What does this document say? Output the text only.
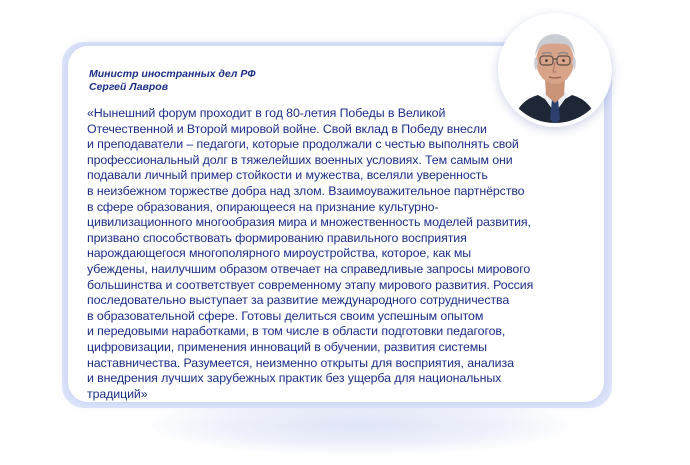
Министр иностранных дел РФ
Сергей Лавров

«Нынешний форум проходит в год 80-летия Победы в Великой
Отечественной и Второй мировой войне. Свой вклад в Победу внесли
и преподаватели – педагоги, которые продолжали с честью выполнять свой
профессиональный долг в тяжелейших военных условиях. Тем самым они
подавали личный пример стойкости и мужества, вселяли уверенность
в неизбежном торжестве добра над злом. Взаимоуважительное партнёрство
в сфере образования, опирающееся на признание культурно-
цивилизационного многообразия мира и множественность моделей развития,
призвано способствовать формированию правильного восприятия
нарождающегося многополярного мироустройства, которое, как мы
убеждены, наилучшим образом отвечает на справедливые запросы мирового
большинства и соответствует современному этапу мирового развития. Россия
последовательно выступает за развитие международного сотрудничества
в образовательной сфере. Готовы делиться своим успешным опытом
и передовыми наработками, в том числе в области подготовки педагогов,
цифровизации, применения инноваций в обучении, развития системы
наставничества. Разумеется, неизменно открыты для восприятия, анализа
и внедрения лучших зарубежных практик без ущерба для национальных
традиций»
